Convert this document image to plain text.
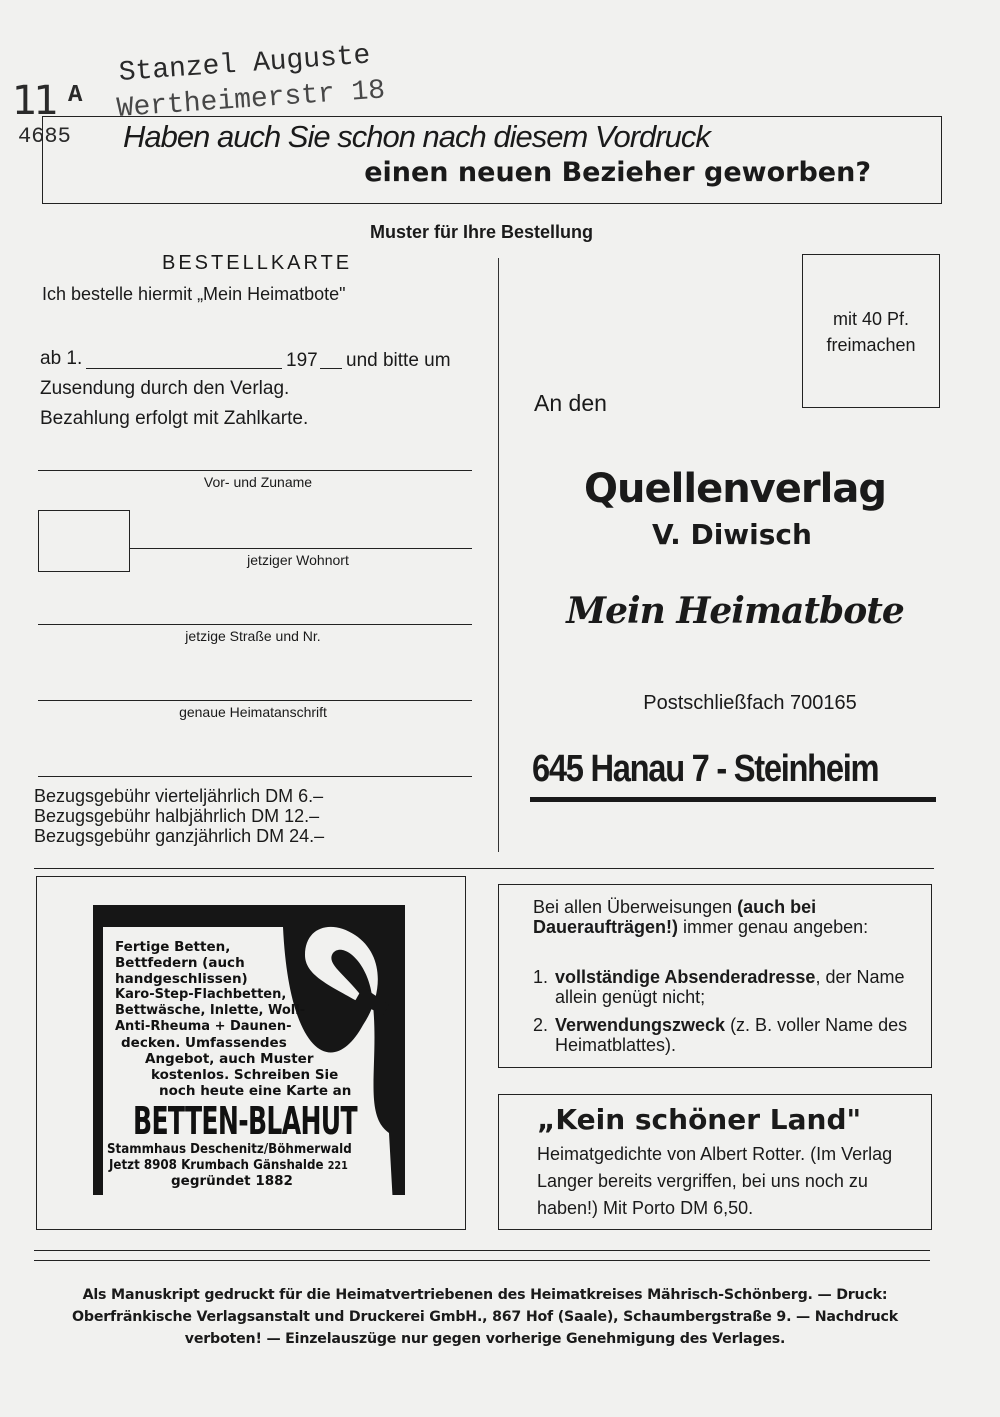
11 A
Stanzel Auguste
Wertheimerstr 18
4685 Haben auch Sie schon nach diesem Vordruck
einen neuen Bezieher geworben?
Muster für Ihre Bestellung
BESTELLKARTE
Ich bestelle hiermit „Mein Heimatbote"
ab 1.	197 und bitte um
Zusendung durch den Verlag.
Bezahlung erfolgt mit Zahlkarte.
Vor- und Zuname
jetziger Wohnort
jetzige Straße und Nr.
genaue Heimatanschrift
Bezugsgebühr vierteljährlich DM 6.–
Bezugsgebühr halbjährlich DM 12.–
Bezugsgebühr ganzjährlich DM 24.–
mit 40 Pf.
freimachen
An den
Quellenverlag
V. Diwisch
Mein Heimatbote
Postschließfach 700165
645 Hanau 7 - Steinheim
Fertige Betten,
Bettfedern (auch
handgeschlissen)
Karo-Step-Flachbetten,
Bettwäsche, Inlette, Woll-
Anti-Rheuma + Daunen-
decken. Umfassendes
Angebot, auch Muster
kostenlos. Schreiben Sie
noch heute eine Karte an
BETTEN-BLAHUT
Stammhaus Deschenitz/Böhmerwald
Jetzt 8908 Krumbach Gänshalde 221
gegründet 1882
Bei allen Überweisungen (auch bei Daueraufträgen!) immer genau angeben:
1. vollständige Absenderadresse, der Name allein genügt nicht;
2. Verwendungszweck (z. B. voller Name des Heimatblattes).
„Kein schöner Land"
Heimatgedichte von Albert Rotter. (Im Verlag Langer bereits vergriffen, bei uns noch zu haben!) Mit Porto DM 6,50.
Als Manuskript gedruckt für die Heimatvertriebenen des Heimatkreises Mährisch-Schönberg. — Druck: Oberfränkische Verlagsanstalt und Druckerei GmbH., 867 Hof (Saale), Schaumbergstraße 9. — Nachdruck verboten! — Einzelauszüge nur gegen vorherige Genehmigung des Verlages.
